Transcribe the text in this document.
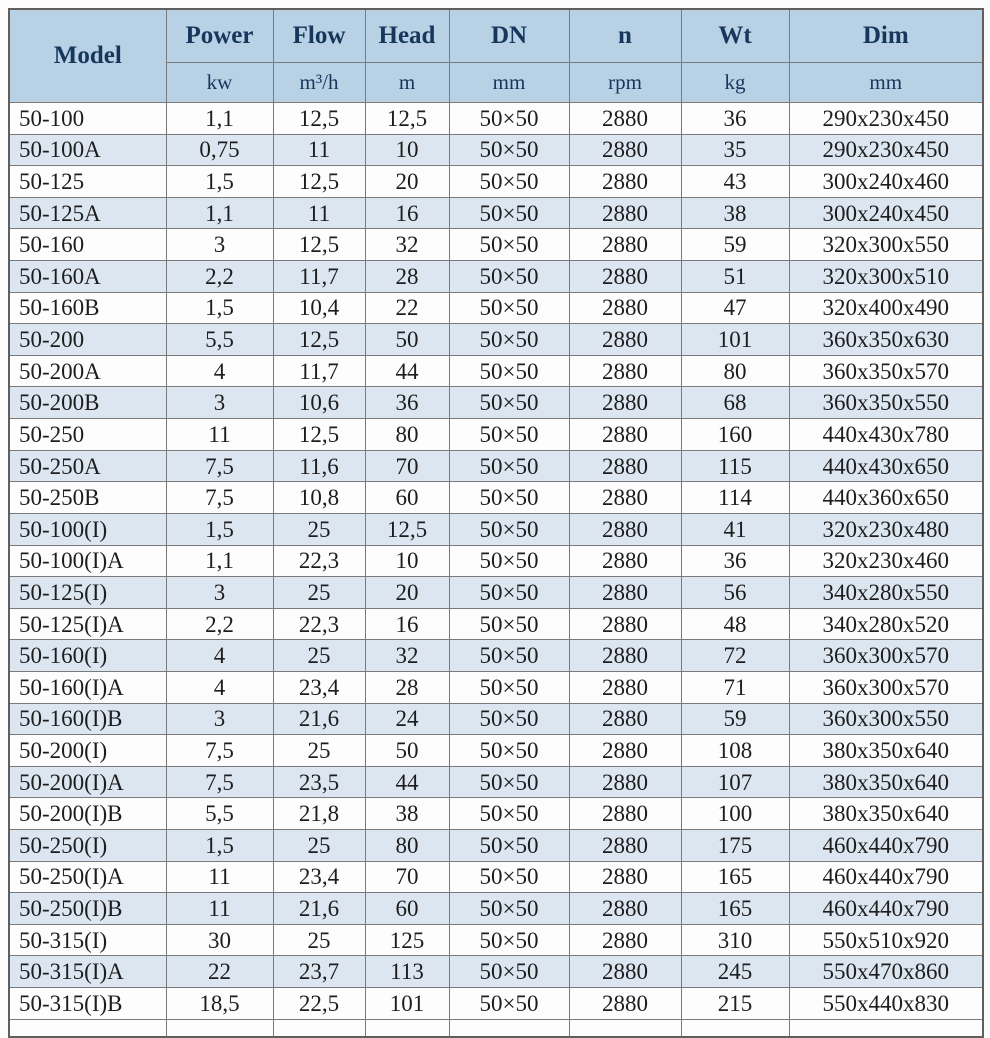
Model	Power	Flow	Head	DN	n	Wt	Dim
	kw	m³/h	m	mm	rpm	kg	mm
50-100	1,1	12,5	12,5	50×50	2880	36	290x230x450
50-100A	0,75	11	10	50×50	2880	35	290x230x450
50-125	1,5	12,5	20	50×50	2880	43	300x240x460
50-125A	1,1	11	16	50×50	2880	38	300x240x450
50-160	3	12,5	32	50×50	2880	59	320x300x550
50-160A	2,2	11,7	28	50×50	2880	51	320x300x510
50-160B	1,5	10,4	22	50×50	2880	47	320x400x490
50-200	5,5	12,5	50	50×50	2880	101	360x350x630
50-200A	4	11,7	44	50×50	2880	80	360x350x570
50-200B	3	10,6	36	50×50	2880	68	360x350x550
50-250	11	12,5	80	50×50	2880	160	440x430x780
50-250A	7,5	11,6	70	50×50	2880	115	440x430x650
50-250B	7,5	10,8	60	50×50	2880	114	440x360x650
50-100(I)	1,5	25	12,5	50×50	2880	41	320x230x480
50-100(I)A	1,1	22,3	10	50×50	2880	36	320x230x460
50-125(I)	3	25	20	50×50	2880	56	340x280x550
50-125(I)A	2,2	22,3	16	50×50	2880	48	340x280x520
50-160(I)	4	25	32	50×50	2880	72	360x300x570
50-160(I)A	4	23,4	28	50×50	2880	71	360x300x570
50-160(I)B	3	21,6	24	50×50	2880	59	360x300x550
50-200(I)	7,5	25	50	50×50	2880	108	380x350x640
50-200(I)A	7,5	23,5	44	50×50	2880	107	380x350x640
50-200(I)B	5,5	21,8	38	50×50	2880	100	380x350x640
50-250(I)	1,5	25	80	50×50	2880	175	460x440x790
50-250(I)A	11	23,4	70	50×50	2880	165	460x440x790
50-250(I)B	11	21,6	60	50×50	2880	165	460x440x790
50-315(I)	30	25	125	50×50	2880	310	550x510x920
50-315(I)A	22	23,7	113	50×50	2880	245	550x470x860
50-315(I)B	18,5	22,5	101	50×50	2880	215	550x440x830
